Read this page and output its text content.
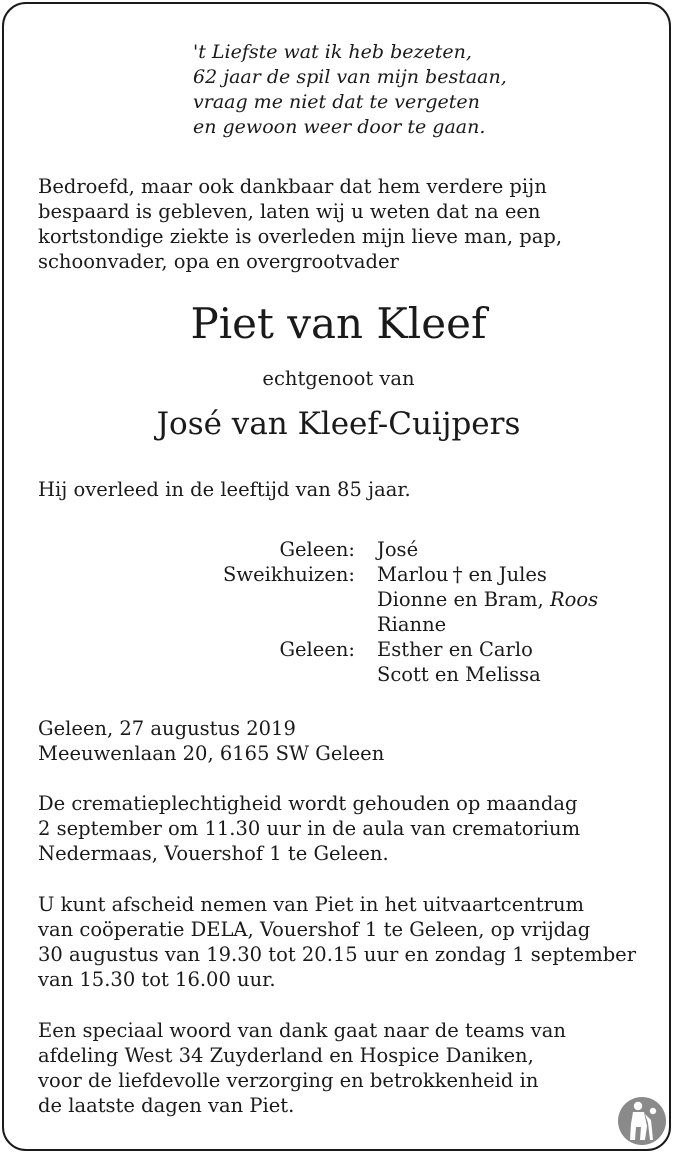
't Liefste wat ik heb bezeten,
62 jaar de spil van mijn bestaan,
vraag me niet dat te vergeten
en gewoon weer door te gaan.
Bedroefd, maar ook dankbaar dat hem verdere pijn
bespaard is gebleven, laten wij u weten dat na een
kortstondige ziekte is overleden mijn lieve man, pap,
schoonvader, opa en overgrootvader
Piet van Kleef
echtgenoot van
José van Kleef-Cuijpers
Hij overleed in de leeftijd van 85 jaar.
Geleen: José
Sweikhuizen: Marlou † en Jules
Dionne en Bram, Roos
Rianne
Geleen: Esther en Carlo
Scott en Melissa
Geleen, 27 augustus 2019
Meeuwenlaan 20, 6165 SW Geleen
De crematieplechtigheid wordt gehouden op maandag
2 september om 11.30 uur in de aula van crematorium
Nedermaas, Vouershof 1 te Geleen.
U kunt afscheid nemen van Piet in het uitvaartcentrum
van coöperatie DELA, Vouershof 1 te Geleen, op vrijdag
30 augustus van 19.30 tot 20.15 uur en zondag 1 september
van 15.30 tot 16.00 uur.
Een speciaal woord van dank gaat naar de teams van
afdeling West 34 Zuyderland en Hospice Daniken,
voor de liefdevolle verzorging en betrokkenheid in
de laatste dagen van Piet.
